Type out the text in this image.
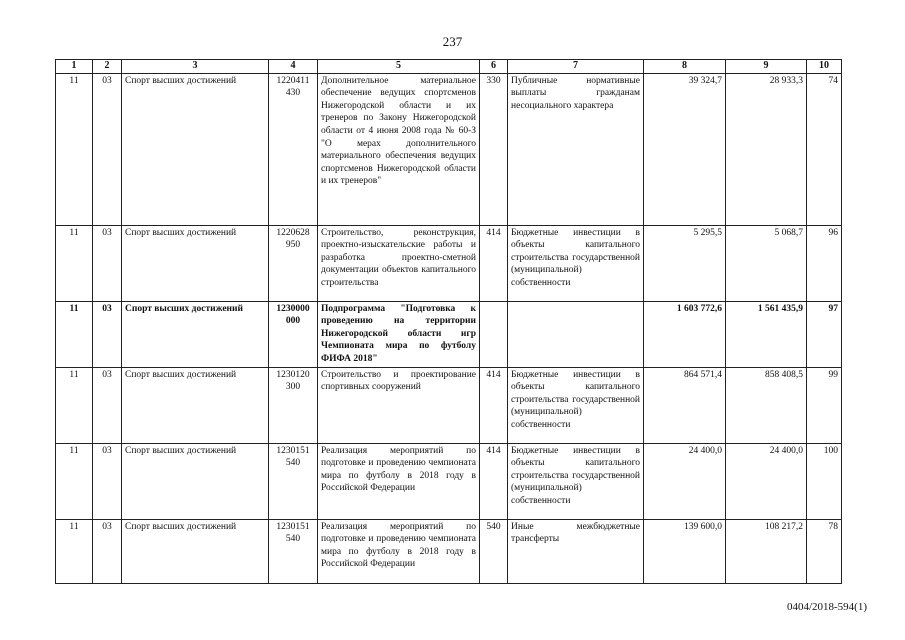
237
1	2	3	4	5	6	7	8	9	10
11	03	Спорт высших достижений	1220411 430	Дополнительное материальное обеспечение ведущих спортсменов Нижегородской области и их тренеров по Закону Нижегородской области от 4 июня 2008 года № 60-З "О мерах дополнительного материального обеспечения ведущих спортсменов Нижегородской области и их тренеров"	330	Публичные нормативные выплаты гражданам несоциального характера	39 324,7	28 933,3	74
11	03	Спорт высших достижений	1220628 950	Строительство, реконструкция, проектно-изыскательские работы и разработка проектно-сметной документации объектов капитального строительства	414	Бюджетные инвестиции в объекты капитального строительства государственной (муниципальной) собственности	5 295,5	5 068,7	96
11	03	Спорт высших достижений	1230000 000	Подпрограмма "Подготовка к проведению на территории Нижегородской области игр Чемпионата мира по футболу ФИФА 2018"			1 603 772,6	1 561 435,9	97
11	03	Спорт высших достижений	1230120 300	Строительство и проектирование спортивных сооружений	414	Бюджетные инвестиции в объекты капитального строительства государственной (муниципальной) собственности	864 571,4	858 408,5	99
11	03	Спорт высших достижений	1230151 540	Реализация мероприятий по подготовке и проведению чемпионата мира по футболу в 2018 году в Российской Федерации	414	Бюджетные инвестиции в объекты капитального строительства государственной (муниципальной) собственности	24 400,0	24 400,0	100
11	03	Спорт высших достижений	1230151 540	Реализация мероприятий по подготовке и проведению чемпионата мира по футболу в 2018 году в Российской Федерации	540	Иные межбюджетные трансферты	139 600,0	108 217,2	78
0404/2018-594(1)
